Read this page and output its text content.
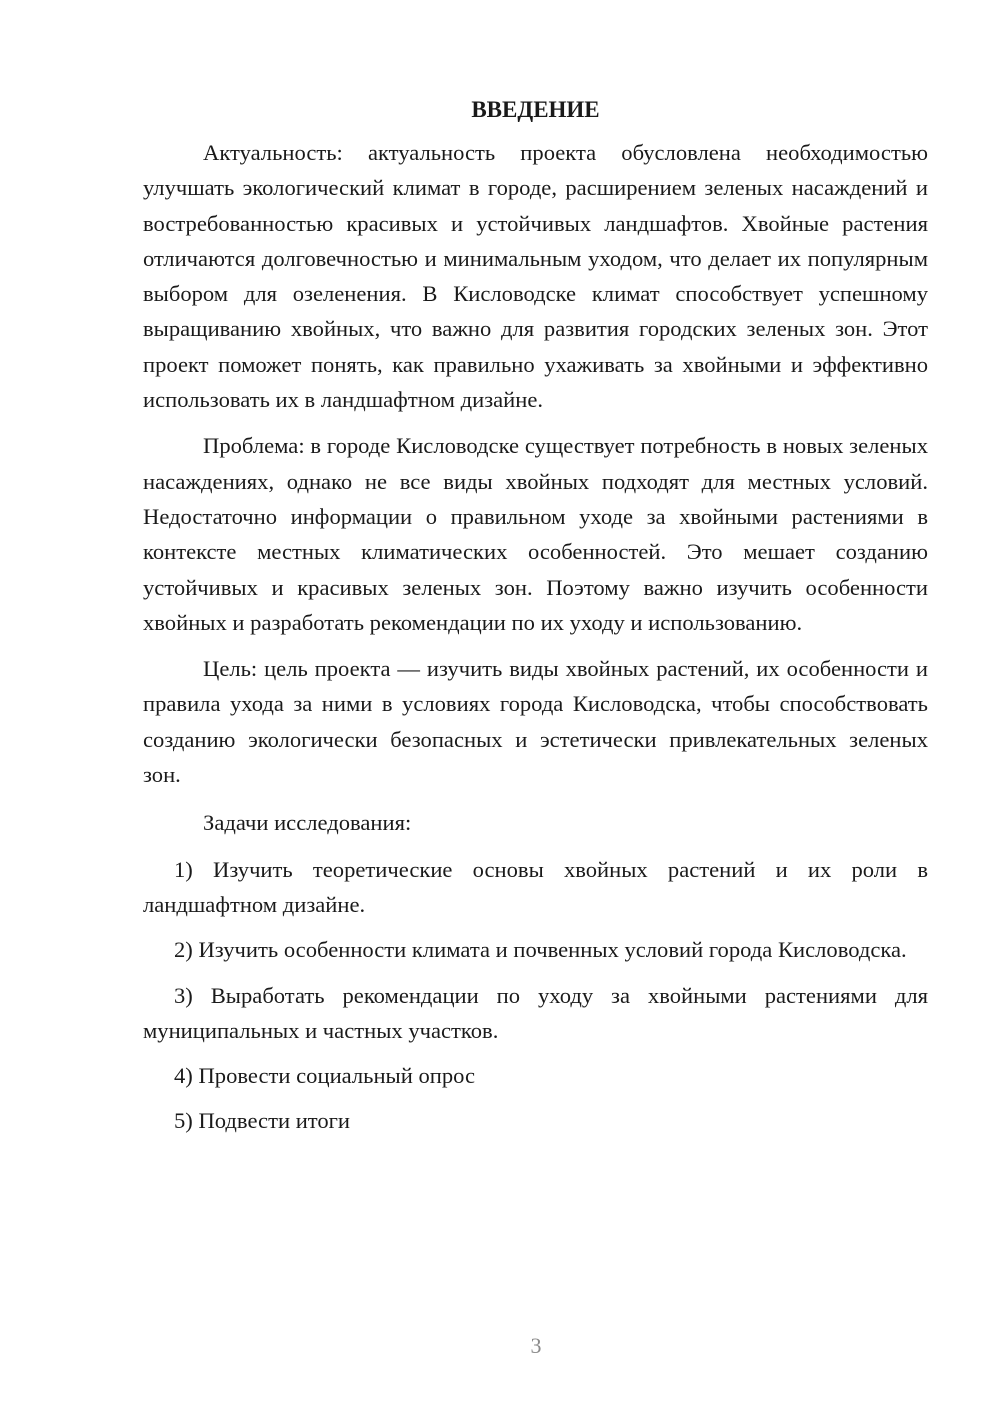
ВВЕДЕНИЕ

Актуальность: актуальность проекта обусловлена необходимостью улучшать экологический климат в городе, расширением зеленых насаждений и востребованностью красивых и устойчивых ландшафтов. Хвойные растения отличаются долговечностью и минимальным уходом, что делает их популярным выбором для озеленения. В Кисловодске климат способствует успешному выращиванию хвойных, что важно для развития городских зеленых зон. Этот проект поможет понять, как правильно ухаживать за хвойными и эффективно использовать их в ландшафтном дизайне.

Проблема: в городе Кисловодске существует потребность в новых зеленых насаждениях, однако не все виды хвойных подходят для местных условий. Недостаточно информации о правильном уходе за хвойными растениями в контексте местных климатических особенностей. Это мешает созданию устойчивых и красивых зеленых зон. Поэтому важно изучить особенности хвойных и разработать рекомендации по их уходу и использованию.

Цель: цель проекта — изучить виды хвойных растений, их особенности и правила ухода за ними в условиях города Кисловодска, чтобы способствовать созданию экологически безопасных и эстетически привлекательных зеленых зон.

Задачи исследования:

1) Изучить теоретические основы хвойных растений и их роли в ландшафтном дизайне.

2) Изучить особенности климата и почвенных условий города Кисловодска.

3) Выработать рекомендации по уходу за хвойными растениями для муниципальных и частных участков.

4) Провести социальный опрос

5) Подвести итоги

3
